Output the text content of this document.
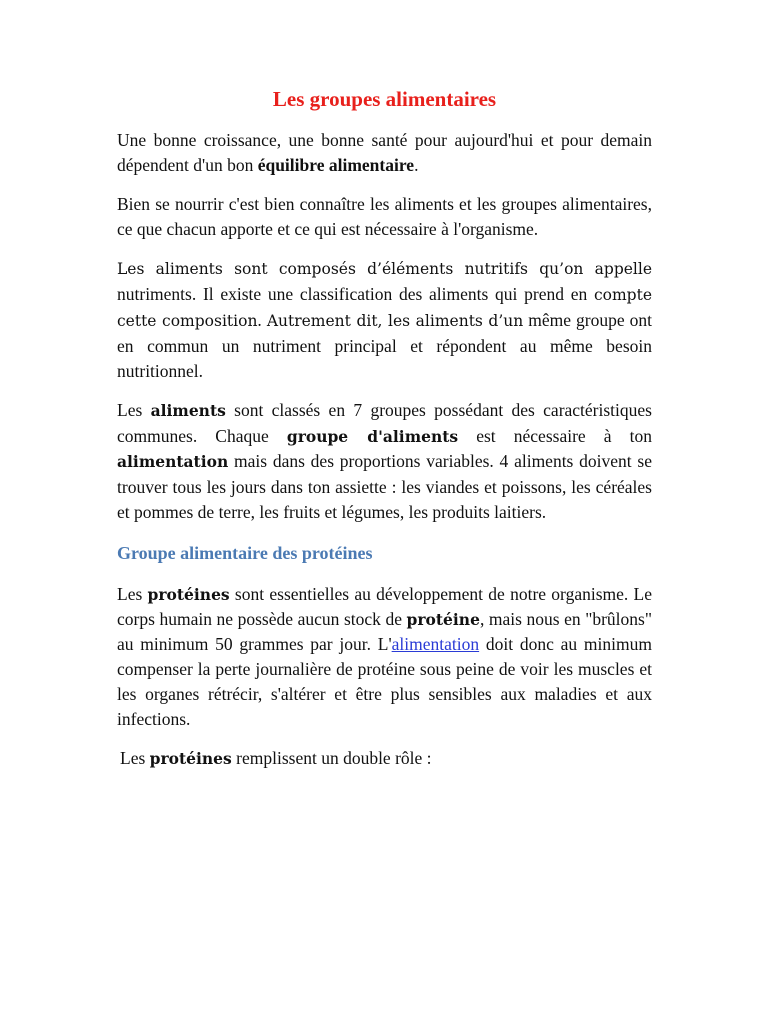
Les groupes alimentaires

Une bonne croissance, une bonne santé pour aujourd'hui et pour demain dépendent d'un bon équilibre alimentaire.

Bien se nourrir c'est bien connaître les aliments et les groupes alimentaires, ce que chacun apporte et ce qui est nécessaire à l'organisme.

Les aliments sont composés d’éléments nutritifs qu’on appelle nutriments. Il existe une classification des aliments qui prend en compte cette composition. Autrement dit, les aliments d’un même groupe ont en commun un nutriment principal et répondent au même besoin nutritionnel.

Les aliments sont classés en 7 groupes possédant des caractéristiques communes. Chaque groupe d'aliments est nécessaire à ton alimentation mais dans des proportions variables. 4 aliments doivent se trouver tous les jours dans ton assiette : les viandes et poissons, les céréales et pommes de terre, les fruits et légumes, les produits laitiers.

Groupe alimentaire des protéines

Les protéines sont essentielles au développement de notre organisme. Le corps humain ne possède aucun stock de protéine, mais nous en "brûlons" au minimum 50 grammes par jour. L'alimentation doit donc au minimum compenser la perte journalière de protéine sous peine de voir les muscles et les organes rétrécir, s'altérer et être plus sensibles aux maladies et aux infections.

Les protéines remplissent un double rôle :
